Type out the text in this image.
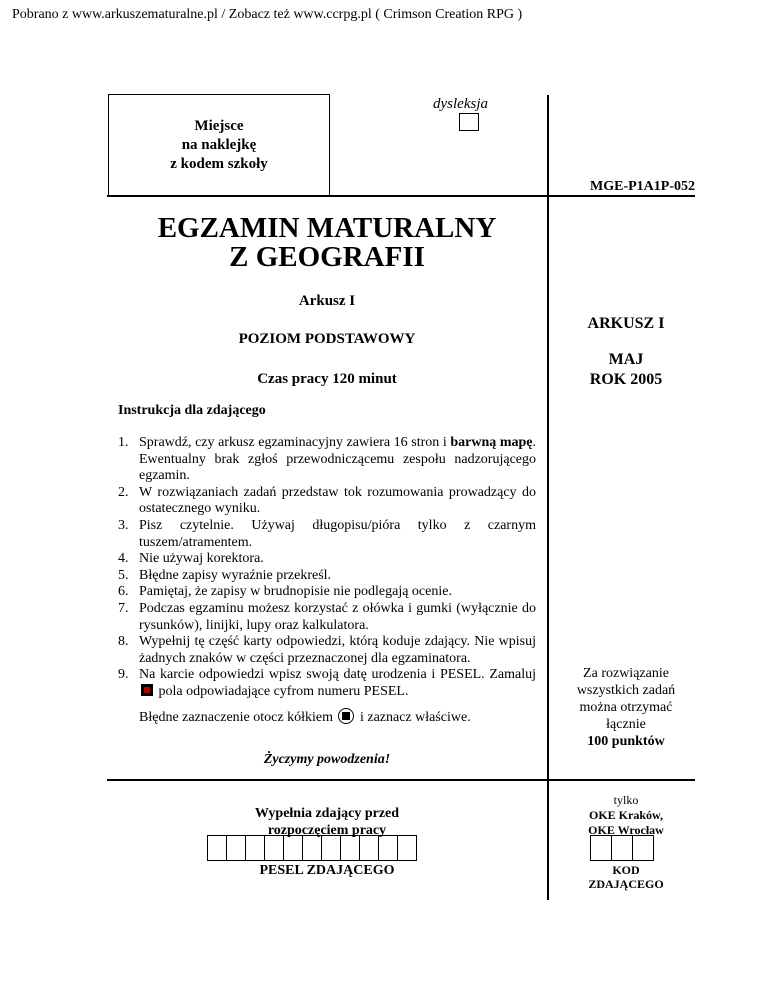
Pobrano z www.arkuszematuralne.pl / Zobacz też www.ccrpg.pl ( Crimson Creation RPG )
Miejsce
na naklejkę
z kodem szkoły
dysleksja
MGE-P1A1P-052
EGZAMIN MATURALNY
Z GEOGRAFII
Arkusz I
POZIOM PODSTAWOWY
Czas pracy 120 minut
ARKUSZ I
MAJ
ROK 2005
Instrukcja dla zdającego
1. Sprawdź, czy arkusz egzaminacyjny zawiera 16 stron i barwną mapę. Ewentualny brak zgłoś przewodniczącemu zespołu nadzorującego egzamin.
2. W rozwiązaniach zadań przedstaw tok rozumowania prowadzący do ostatecznego wyniku.
3. Pisz czytelnie. Używaj długopisu/pióra tylko z czarnym tuszem/atramentem.
4. Nie używaj korektora.
5. Błędne zapisy wyraźnie przekreśl.
6. Pamiętaj, że zapisy w brudnopisie nie podlegają ocenie.
7. Podczas egzaminu możesz korzystać z ołówka i gumki (wyłącznie do rysunków), linijki, lupy oraz kalkulatora.
8. Wypełnij tę część karty odpowiedzi, którą koduje zdający. Nie wpisuj żadnych znaków w części przeznaczonej dla egzaminatora.
9. Na karcie odpowiedzi wpisz swoją datę urodzenia i PESEL. Zamaluj  pola odpowiadające cyfrom numeru PESEL.
Błędne zaznaczenie otocz kółkiem i zaznacz właściwe.
Życzymy powodzenia!
Za rozwiązanie
wszystkich zadań
można otrzymać
łącznie
100 punktów
Wypełnia zdający przed
rozpoczęciem pracy
PESEL ZDAJĄCEGO
tylko
OKE Kraków,
OKE Wrocław
KOD
ZDAJĄCEGO
